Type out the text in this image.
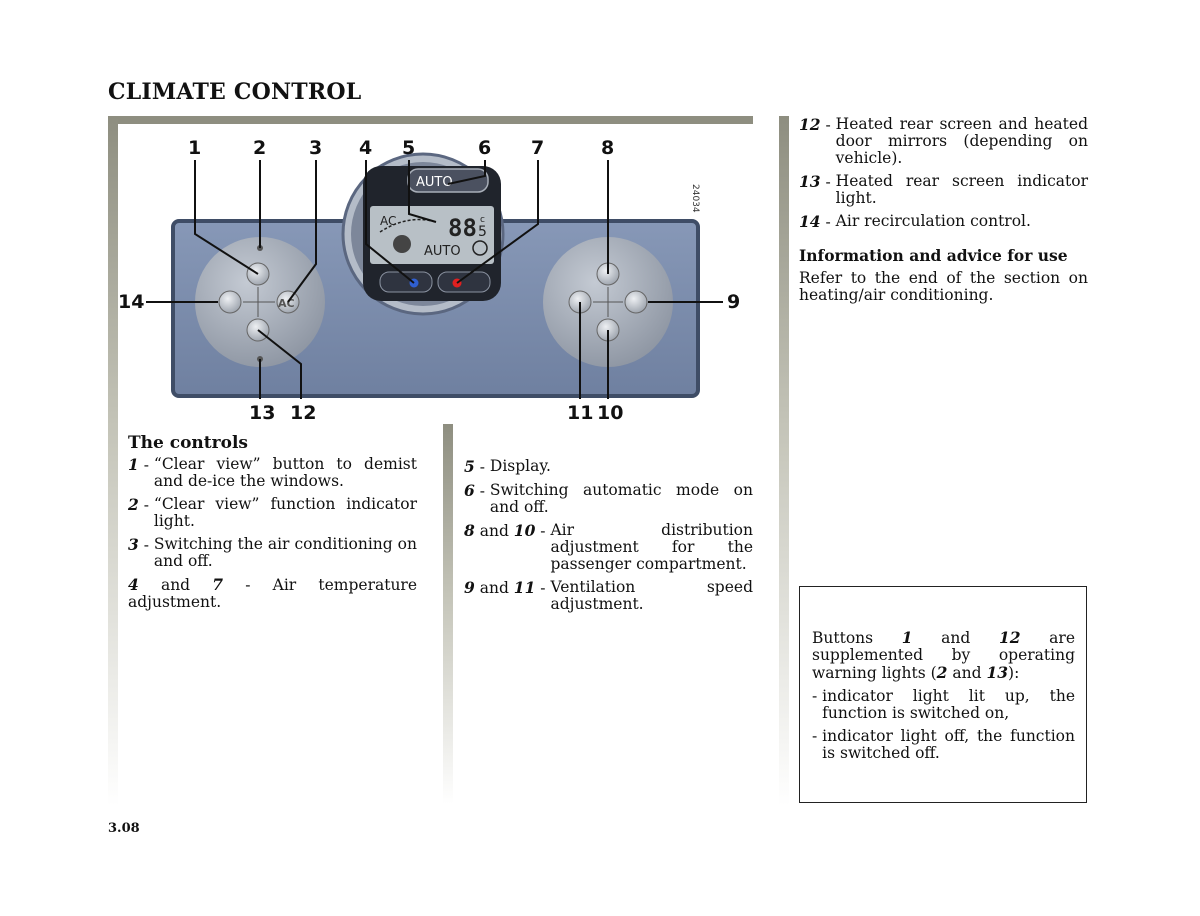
CLIMATE CONTROL
AUTO
AC 88 c
5
AUTO
AC
24034
1	2 3 4 5	6 7	8
9
10
11
12
13
14
The controls
1 - “Clear view” button to demist and de-ice the windows.
2 - “Clear view” function indicator light.
3 - Switching the air conditioning on and off.
4 and 7 - Air temperature adjustment.
5 - Display.
6 - Switching automatic mode on and off.
8 and 10 - Air distribution adjustment for the passenger compartment.
9 and 11 - Ventilation speed adjustment.
12 - Heated rear screen and heated door mirrors (depending on vehicle).
13 - Heated rear screen indicator light.
14 - Air recirculation control.
Information and advice for use
Refer to the end of the section on heating/air conditioning.
Buttons 1 and 12 are supplemented by operating warning lights (2 and 13):
- indicator light lit up, the function is switched on,
- indicator light off, the function is switched off.
3.08
